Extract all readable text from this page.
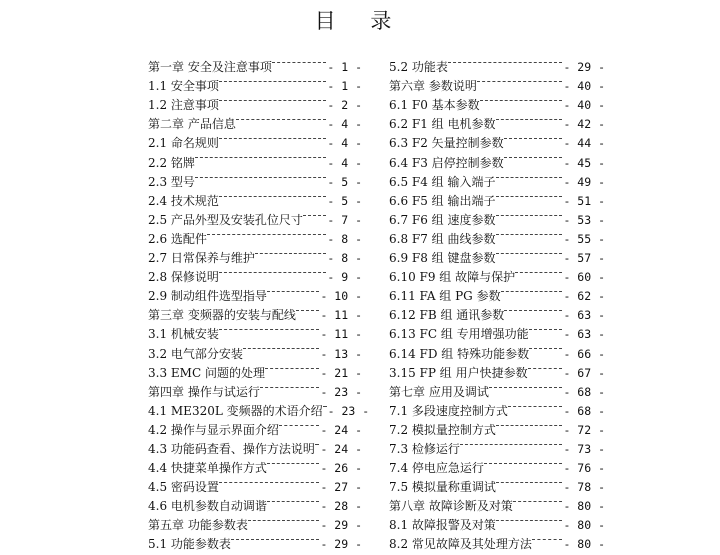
目 录
第一章 安全及注意事项	- 1 -
1.1 安全事项	- 1 -
1.2 注意事项	- 2 -
第二章 产品信息	- 4 -
2.1 命名规则	- 4 -
2.2 铭牌	- 4 -
2.3 型号	- 5 -
2.4 技术规范	- 5 -
2.5 产品外型及安装孔位尺寸 - 7 -
2.6 选配件	- 8 -
2.7 日常保养与维护	- 8 -
2.8 保修说明	- 9 -
2.9 制动组件选型指导	- 10 -
第三章 变频器的安装与配线 - 11 -
3.1 机械安装	- 11 -
3.2 电气部分安装	- 13 -
3.3 EMC 问题的处理	- 21 -
第四章 操作与试运行	- 23 -
4.1 ME320L 变频器的术语介绍 - 23 -
4.2 操作与显示界面介绍	- 24 -
4.3 功能码查看、操作方法说明 - 24 -
4.4 快捷菜单操作方式	- 26 -
4.5 密码设置	- 27 -
4.6 电机参数自动调谐	- 28 -
第五章 功能参数表	- 29 -
5.1 功能参数表	- 29 -
5.2 功能表	- 29 -
第六章 参数说明	- 40 -
6.1 F0 基本参数	- 40 -
6.2 F1 组 电机参数	- 42 -
6.3 F2 矢量控制参数	- 44 -
6.4 F3 启停控制参数	- 45 -
6.5 F4 组 输入端子	- 49 -
6.6 F5 组 输出端子	- 51 -
6.7 F6 组 速度参数	- 53 -
6.8 F7 组 曲线参数	- 55 -
6.9 F8 组 键盘参数	- 57 -
6.10 F9 组 故障与保护	- 60 -
6.11 FA 组 PG 参数	- 62 -
6.12 FB 组 通讯参数	- 63 -
6.13 FC 组 专用增强功能	- 63 -
6.14 FD 组 特殊功能参数	- 66 -
3.15 FP 组 用户快捷参数	- 67 -
第七章 应用及调试	- 68 -
7.1 多段速度控制方式	- 68 -
7.2 模拟量控制方式	- 72 -
7.3 检修运行	- 73 -
7.4 停电应急运行	- 76 -
7.5 模拟量称重调试	- 78 -
第八章 故障诊断及对策	- 80 -
8.1 故障报警及对策	- 80 -
8.2 常见故障及其处理方法	- 80 -
